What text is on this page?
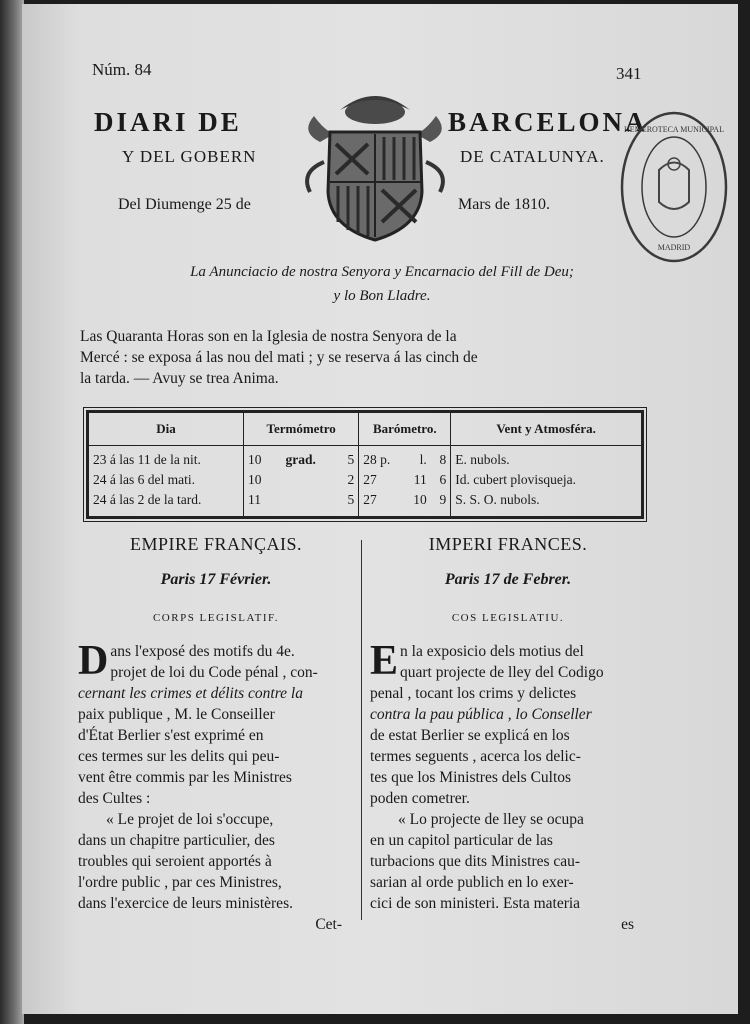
Núm. 84	341
DIARI DE	BARCELONA
Y DEL GOBERN	DE CATALUNYA.
Del Diumenge 25 de	Mars de 1810.
HEMEROTECA MUNICIPAL
MADRID
La Anunciacio de nostra Senyora y Encarnacio del Fill de Deu;
y lo Bon Lladre.
Las Quaranta Horas son en la Iglesia de nostra Senyora de la
Mercé : se exposa á las nou del mati ; y se reserva á las cinch de
la tarda. — Avuy se trea Anima.
Dia	Termómetro			Barómetro.			Vent y Atmosféra.
23 á las 11 de la nit.	10	grad.	5	28 p.	l.	8	E. nubols.
24 á las 6 del mati.	10		2	27	11	6	Id. cubert plovisqueja.
24 á las 2 de la tard.	11		5	27	10	9	S. S. O. nubols.
EMPIRE FRANÇAIS.
Paris 17 Février.
CORPS LEGISLATIF.
D ans l'exposé des motifs du 4e.
projet de loi du Code pénal , con-
cernant les crimes et délits contre la
paix publique , M. le Conseiller
d'État Berlier s'est exprimé en
ces termes sur les delits qui peu-
vent être commis par les Ministres
des Cultes :
« Le projet de loi s'occupe,
dans un chapitre particulier, des
troubles qui seroient apportés à
l'ordre public , par ces Ministres,
dans l'exercice de leurs ministères.
Cet-
IMPERI FRANCES.
Paris 17 de Febrer.
COS LEGISLATIU.
E n la exposicio dels motius del
quart projecte de lley del Codigo
penal , tocant los crims y delictes
contra la pau pública , lo Conseller
de estat Berlier se explicá en los
termes seguents , acerca los delic-
tes que los Ministres dels Cultos
poden cometrer.
« Lo projecte de lley se ocupa
en un capitol particular de las
turbacions que dits Ministres cau-
sarian al orde publich en lo exer-
cici de son ministeri. Esta materia
es
